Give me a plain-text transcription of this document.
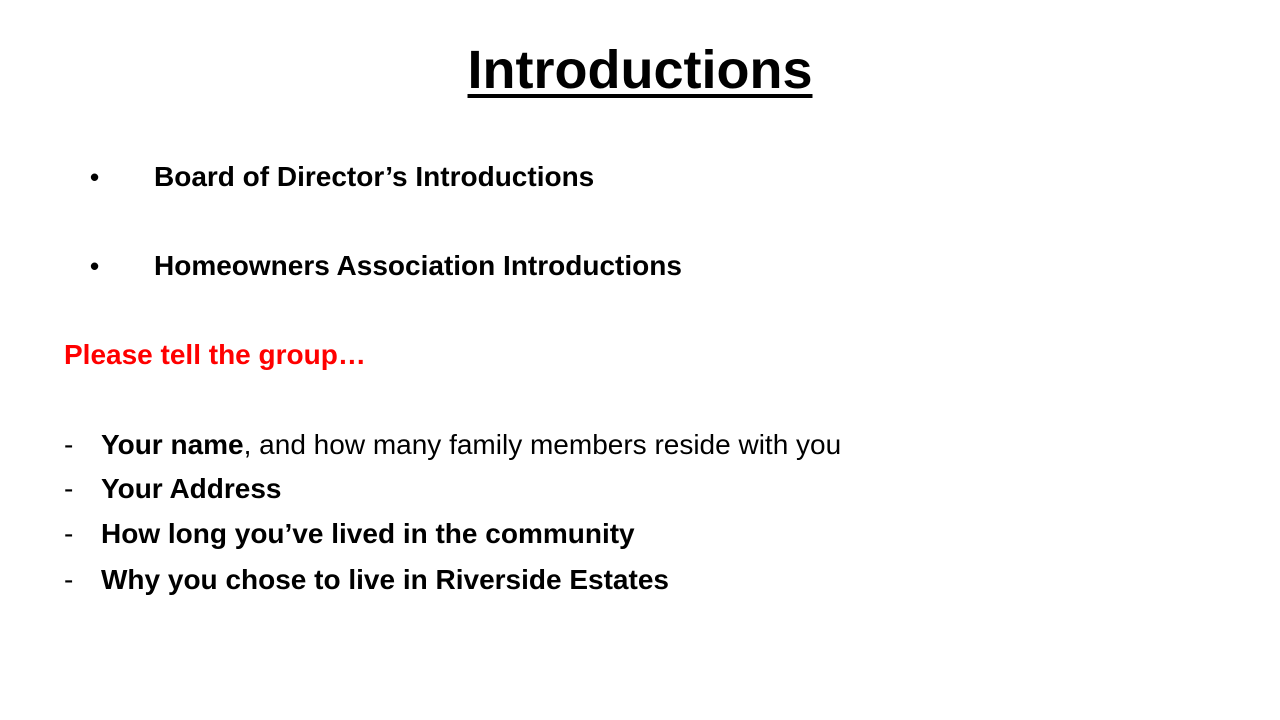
Introductions
•	Board of Director’s Introductions
•	Homeowners Association Introductions
Please tell the group…
- Your name, and how many family members reside with you
- Your Address
- How long you’ve lived in the community
- Why you chose to live in Riverside Estates
